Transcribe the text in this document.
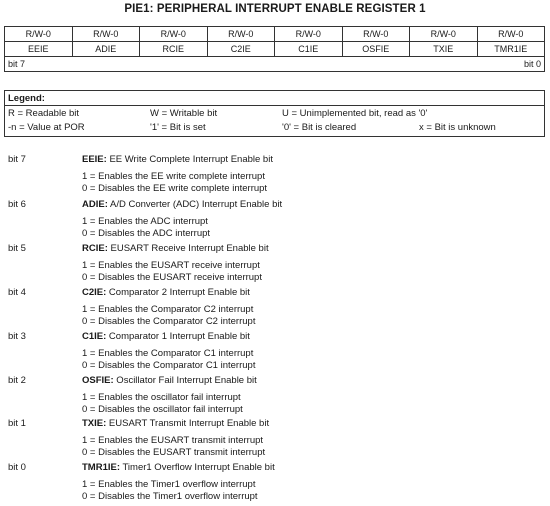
PIE1: PERIPHERAL INTERRUPT ENABLE REGISTER 1
R/W-0	R/W-0	R/W-0	R/W-0	R/W-0	R/W-0	R/W-0	R/W-0
EEIE	ADIE	RCIE	C2IE	C1IE	OSFIE	TXIE	TMR1IE
bit 7	bit 0
Legend:
R = Readable bit	W = Writable bit	U = Unimplemented bit, read as '0'
-n = Value at POR	'1' = Bit is set	'0' = Bit is cleared	x = Bit is unknown
bit 7	EEIE: EE Write Complete Interrupt Enable bit
1 = Enables the EE write complete interrupt
0 = Disables the EE write complete interrupt
bit 6	ADIE: A/D Converter (ADC) Interrupt Enable bit
1 = Enables the ADC interrupt
0 = Disables the ADC interrupt
bit 5	RCIE: EUSART Receive Interrupt Enable bit
1 = Enables the EUSART receive interrupt
0 = Disables the EUSART receive interrupt
bit 4	C2IE: Comparator 2 Interrupt Enable bit
1 = Enables the Comparator C2 interrupt
0 = Disables the Comparator C2 interrupt
bit 3	C1IE: Comparator 1 Interrupt Enable bit
1 = Enables the Comparator C1 interrupt
0 = Disables the Comparator C1 interrupt
bit 2	OSFIE: Oscillator Fail Interrupt Enable bit
1 = Enables the oscillator fail interrupt
0 = Disables the oscillator fail interrupt
bit 1	TXIE: EUSART Transmit Interrupt Enable bit
1 = Enables the EUSART transmit interrupt
0 = Disables the EUSART transmit interrupt
bit 0	TMR1IE: Timer1 Overflow Interrupt Enable bit
1 = Enables the Timer1 overflow interrupt
0 = Disables the Timer1 overflow interrupt
